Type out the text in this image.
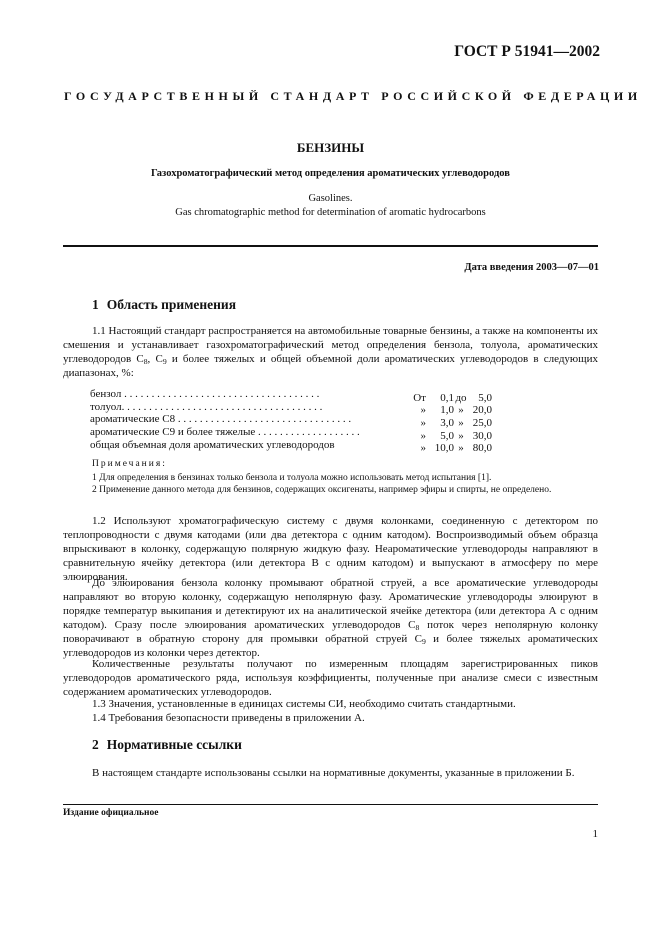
ГОСТ Р 51941—2002
ГОСУДАРСТВЕННЫЙ СТАНДАРТ РОССИЙСКОЙ ФЕДЕРАЦИИ
БЕНЗИНЫ
Газохроматографический метод определения ароматических углеводородов
Gasolines.
Gas chromatographic method for determination of aromatic hydrocarbons
Дата введения 2003—07—01
1 Область применения

1.1 Настоящий стандарт распространяется на автомобильные товарные бензины, а также на компоненты их смешения и устанавливает газохроматографический метод определения бензола, толуола, ароматических углеводородов $С_8$, $С_9$ и более тяжелых и общей объемной доли ароматических углеводородов в следующих диапазонах, %:

бензол . . . . . . . . . . . . . . . . . . . . . . . . . . . . . . . . . . . .	От 0,1до 5,0
толуол. . . . . . . . . . . . . . . . . . . . . . . . . . . . . . . . . . . . .	» 1,0 » 20,0
ароматические С8 . . . . . . . . . . . . . . . . . . . . . . . . . . . . . . . .	» 3,0 » 25,0
ароматические С9 и более тяжелые . . . . . . . . . . . . . . . . . . .	» 5,0 » 30,0
общая объемная доля ароматических углеводородов	» 10,0 » 80,0
Примечания:

1 Для определения в бензинах только бензола и толуола можно использовать метод испытания [1].

2 Применение данного метода для бензинов, содержащих оксигенаты, например эфиры и спирты, не определено.

1.2 Используют хроматографическую систему с двумя колонками, соединенную с детектором по теплопроводности с двумя катодами (или два детектора с одним катодом). Воспроизводимый объем образца впрыскивают в колонку, содержащую полярную жидкую фазу. Неароматические углеводороды направляют в сравнительную ячейку детектора (или детектора В с одним катодом) и выпускают в атмосферу по мере элюирования.

До элюирования бензола колонку промывают обратной струей, а все ароматические углеводороды направляют во вторую колонку, содержащую неполярную фазу. Ароматические углеводороды элюируют в порядке температур выкипания и детектируют их на аналитической ячейке детектора (или детектора А с одним катодом). Сразу после элюирования ароматических углеводородов $С_8$ поток через неполярную колонку поворачивают в обратную сторону для промывки обратной струей $С_9$ и более тяжелых ароматических углеводородов из колонки через детектор.

Количественные результаты получают по измеренным площадям зарегистрированных пиков углеводородов ароматического ряда, используя коэффициенты, полученные при анализе смеси с известным содержанием ароматических углеводородов.

1.3 Значения, установленные в единицах системы СИ, необходимо считать стандартными.

1.4 Требования безопасности приведены в приложении А.

2 Нормативные ссылки

В настоящем стандарте использованы ссылки на нормативные документы, указанные в приложении Б.

Издание официальное
1
